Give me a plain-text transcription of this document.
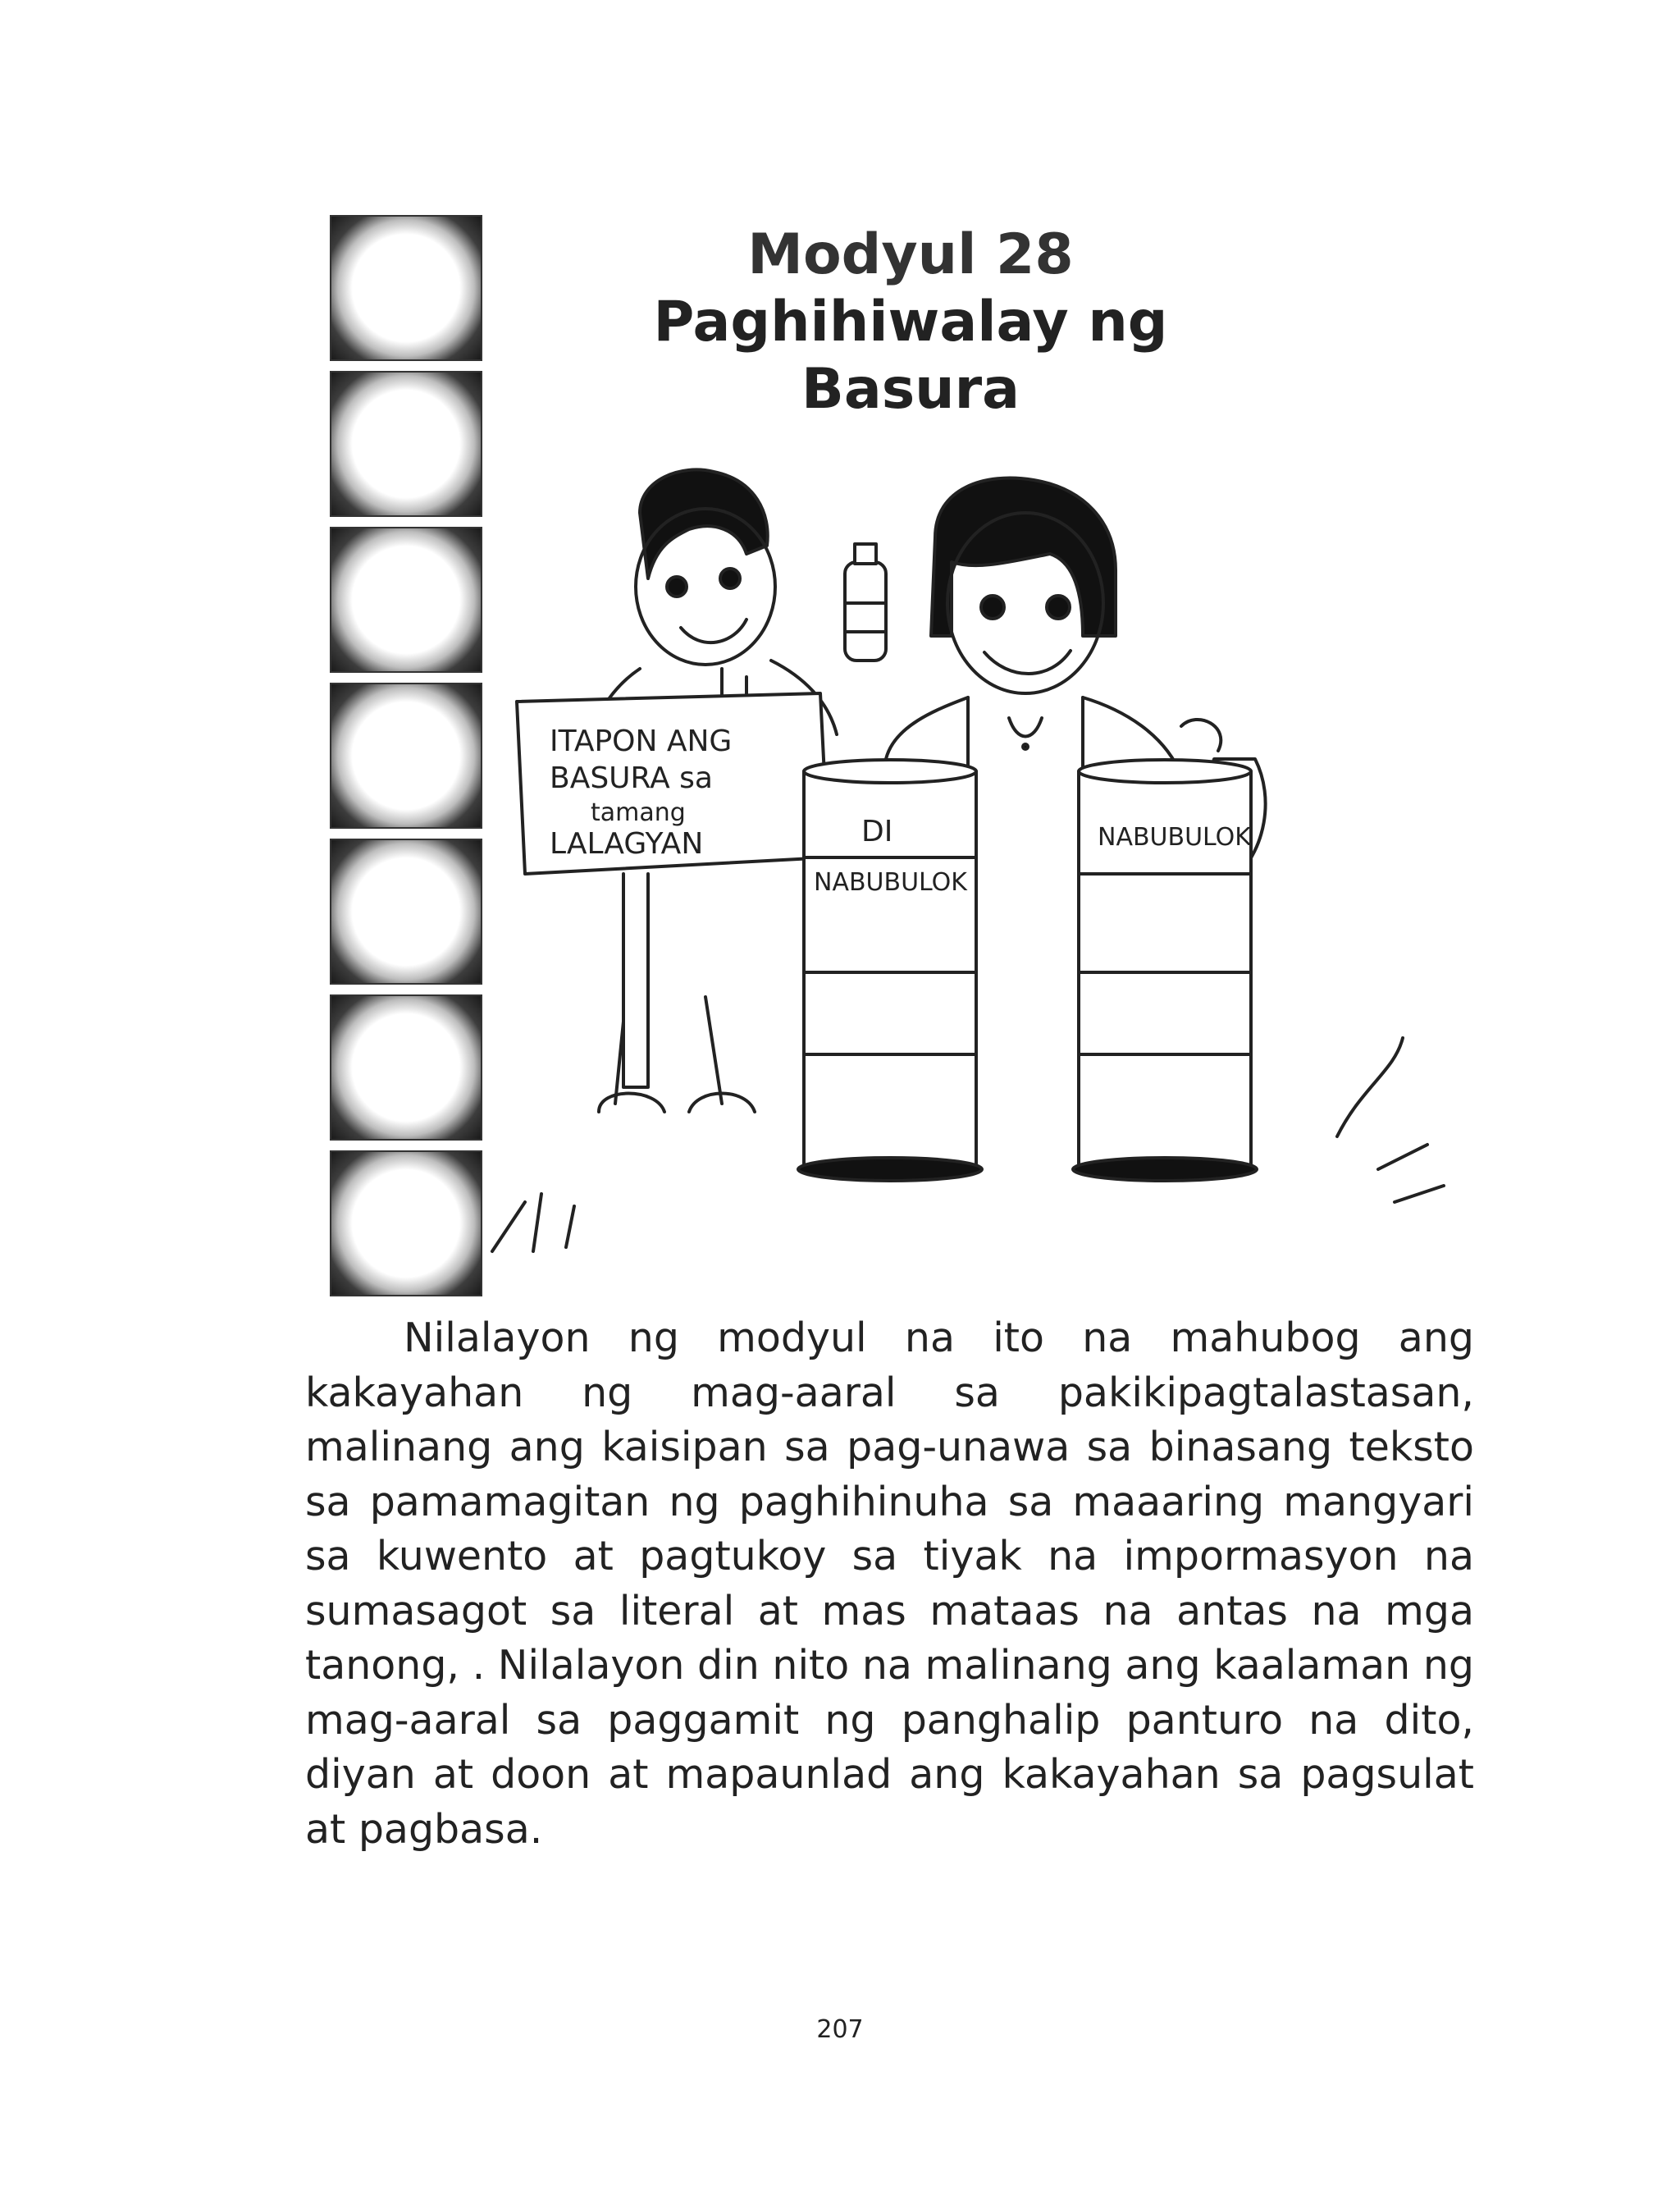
Modyul 28
Paghihiwalay ng
Basura
ITAPON ANG
BASURA sa
tamang
LALAGYAN	DI
NABUBULOK
NABUBULOK

Nilalayon ng modyul na ito na mahubog ang kakayahan ng mag-aaral sa pakikipagtalastasan, malinang ang kaisipan sa pag-unawa sa binasang teksto sa pamamagitan ng paghihinuha sa maaaring mangyari sa kuwento at pagtukoy sa tiyak na impormasyon na sumasagot sa literal at mas mataas na antas na mga tanong, . Nilalayon din nito na malinang ang kaalaman ng mag-aaral sa paggamit ng panghalip panturo na dito, diyan at doon at mapaunlad ang kakayahan sa pagsulat at pagbasa.

207
